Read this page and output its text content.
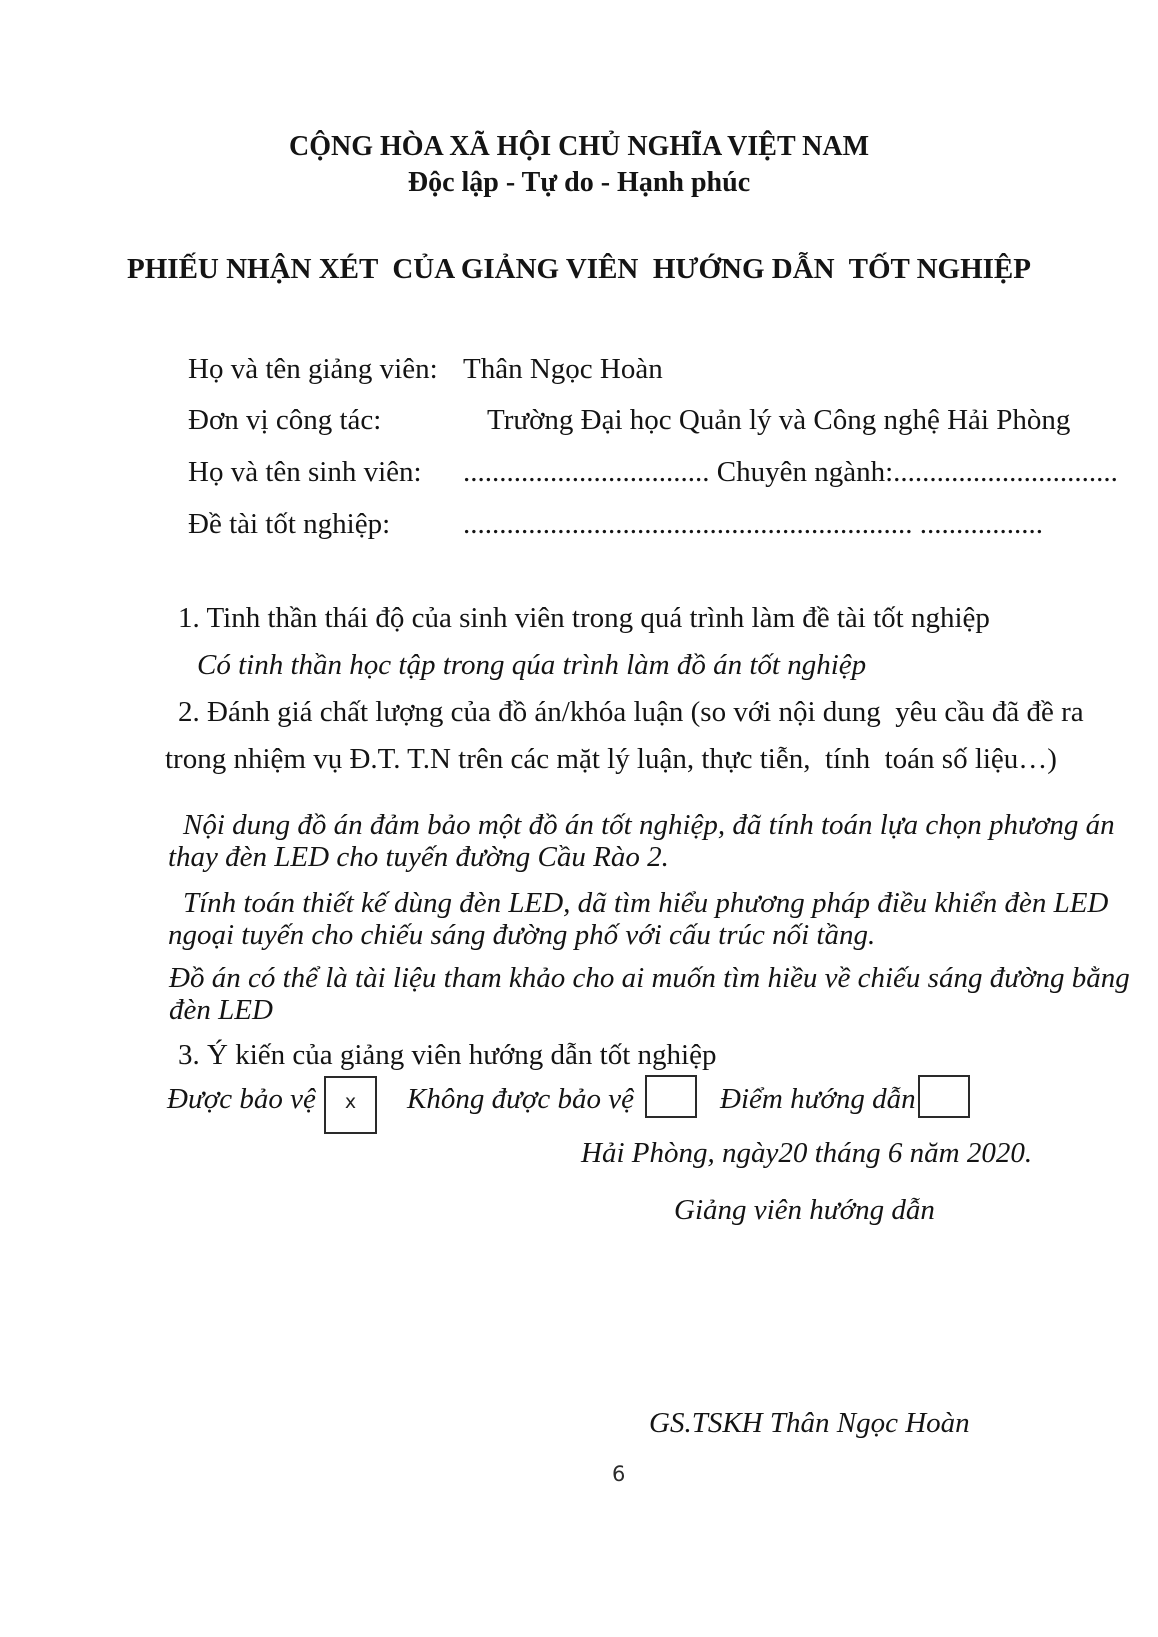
CỘNG HÒA XÃ HỘI CHỦ NGHĨA VIỆT NAM
Độc lập - Tự do - Hạnh phúc
PHIẾU NHẬN XÉT  CỦA GIẢNG VIÊN  HƯỚNG DẪN  TỐT NGHIỆP
Họ và tên giảng viên: Thân Ngọc Hoàn
Đơn vị công tác:	Trường Đại học Quản lý và Công nghệ Hải Phòng
Họ và tên sinh viên: .................................. Chuyên ngành:...............................
Đề tài tốt nghiệp:	.............................................................. .................
1. Tinh thần thái độ của sinh viên trong quá trình làm đề tài tốt nghiệp
Có tinh thần học tập trong qúa trình làm đồ án tốt nghiệp
2. Đánh giá chất lượng của đồ án/khóa luận (so với nội dung  yêu cầu đã đề ra
trong nhiệm vụ Đ.T. T.N trên các mặt lý luận, thực tiễn,  tính  toán số liệu…)
Nội dung đồ án đảm bảo một đồ án tốt nghiệp, đã tính toán lựa chọn phương án
thay đèn LED cho tuyến đường Cầu Rào 2.
Tính toán thiết kế dùng đèn LED, dã tìm hiểu phương pháp điều khiển đèn LED
ngoại tuyến cho chiếu sáng đường phố với cấu trúc nối tầng.
Đồ án có thể là tài liệu tham khảo cho ai muốn tìm hiều về chiếu sáng đường bằng
đèn LED
3. Ý kiến của giảng viên hướng dẫn tốt nghiệp
Được bảo vệ x Không được bảo vệ	Điểm hướng dẫn
Hải Phòng, ngày20 tháng 6 năm 2020.
Giảng viên hướng dẫn
GS.TSKH Thân Ngọc Hoàn
6
